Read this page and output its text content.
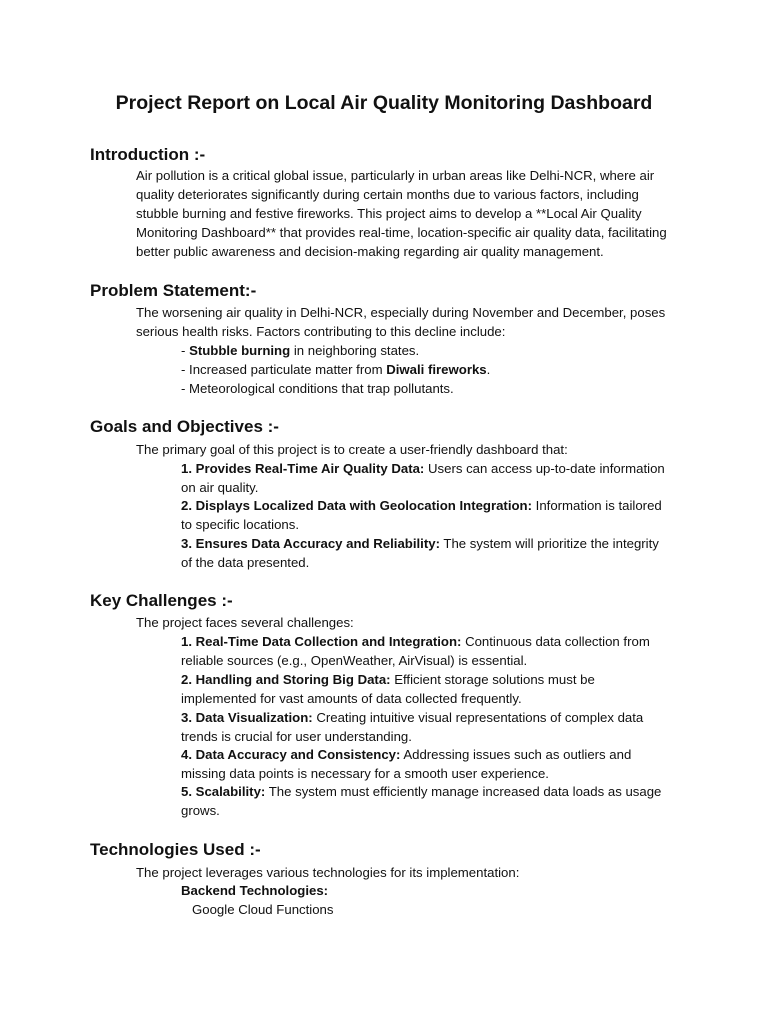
Project Report on Local Air Quality Monitoring Dashboard
Introduction :-

Air pollution is a critical global issue, particularly in urban areas like Delhi-NCR, where air quality deteriorates significantly during certain months due to various factors, including stubble burning and festive fireworks. This project aims to develop a **Local Air Quality Monitoring Dashboard** that provides real-time, location-specific air quality data, facilitating better public awareness and decision-making regarding air quality management.

Problem Statement:-

The worsening air quality in Delhi-NCR, especially during November and December, poses serious health risks. Factors contributing to this decline include:

- Stubble burning in neighboring states.

- Increased particulate matter from Diwali fireworks.

- Meteorological conditions that trap pollutants.

Goals and Objectives :-

The primary goal of this project is to create a user-friendly dashboard that:

1. Provides Real-Time Air Quality Data: Users can access up-to-date information on air quality.

2. Displays Localized Data with Geolocation Integration: Information is tailored to specific locations.

3. Ensures Data Accuracy and Reliability: The system will prioritize the integrity of the data presented.

Key Challenges :-

The project faces several challenges:

1. Real-Time Data Collection and Integration: Continuous data collection from reliable sources (e.g., OpenWeather, AirVisual) is essential.

2. Handling and Storing Big Data: Efficient storage solutions must be implemented for vast amounts of data collected frequently.

3. Data Visualization: Creating intuitive visual representations of complex data trends is crucial for user understanding.

4. Data Accuracy and Consistency: Addressing issues such as outliers and missing data points is necessary for a smooth user experience.

5. Scalability: The system must efficiently manage increased data loads as usage grows.

Technologies Used :-

The project leverages various technologies for its implementation:

Backend Technologies:

Google Cloud Functions
